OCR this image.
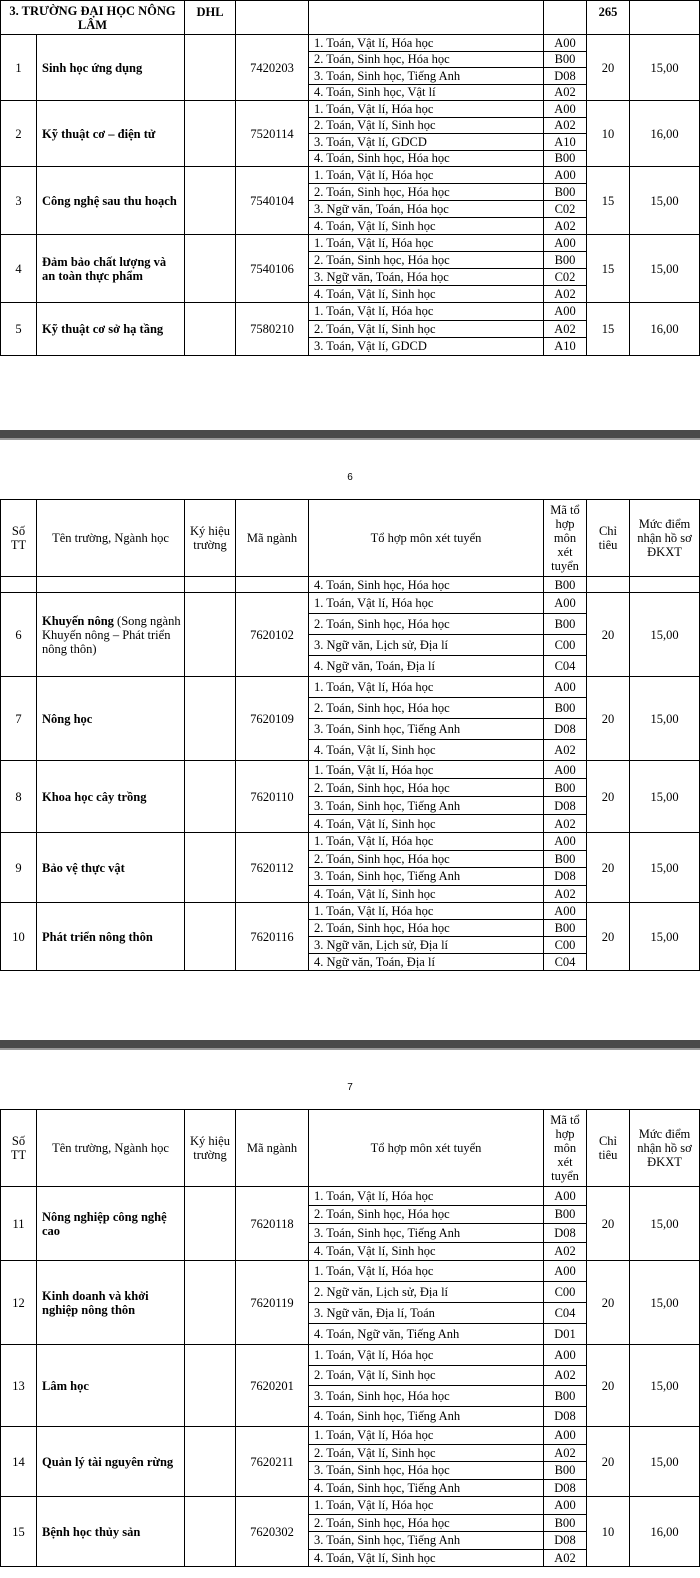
3. TRƯỜNG ĐẠI HỌC NÔNG LÂM		DHL				265	
1	Sinh học ứng dụng		7420203	1. Toán, Vật lí, Hóa học	A00	20	15,00
				2. Toán, Sinh học, Hóa học	B00		
				3. Toán, Sinh học, Tiếng Anh	D08		
				4. Toán, Sinh học, Vật lí	A02		
2	Kỹ thuật cơ – điện tử		7520114	1. Toán, Vật lí, Hóa học	A00	10	16,00
				2. Toán, Vật lí, Sinh học	A02		
				3. Toán, Vật lí, GDCD	A10		
				4. Toán, Sinh học, Hóa học	B00		
3	Công nghệ sau thu hoạch		7540104	1. Toán, Vật lí, Hóa học	A00	15	15,00
				2. Toán, Sinh học, Hóa học	B00		
				3. Ngữ văn, Toán, Hóa học	C02		
				4. Toán, Vật lí, Sinh học	A02		
4	Đảm bảo chất lượng và an toàn thực phẩm		7540106	1. Toán, Vật lí, Hóa học	A00	15	15,00
				2. Toán, Sinh học, Hóa học	B00		
				3. Ngữ văn, Toán, Hóa học	C02		
				4. Toán, Vật lí, Sinh học	A02		
5	Kỹ thuật cơ sở hạ tầng		7580210	1. Toán, Vật lí, Hóa học	A00	15	16,00
				2. Toán, Vật lí, Sinh học	A02		
				3. Toán, Vật lí, GDCD	A10		
6
Số TT	Tên trường, Ngành học	Ký hiệu trường	Mã ngành	Tổ hợp môn xét tuyển	Mã tổ hợp môn xét tuyển	Chỉ tiêu	Mức điểm nhận hồ sơ ĐKXT
				4. Toán, Sinh học, Hóa học	B00		
6	Khuyến nông (Song ngành Khuyến nông – Phát triển nông thôn)		7620102	1. Toán, Vật lí, Hóa học	A00	20	15,00
				2. Toán, Sinh học, Hóa học	B00		
				3. Ngữ văn, Lịch sử, Địa lí	C00		
				4. Ngữ văn, Toán, Địa lí	C04		
7	Nông học		7620109	1. Toán, Vật lí, Hóa học	A00	20	15,00
				2. Toán, Sinh học, Hóa học	B00		
				3. Toán, Sinh học, Tiếng Anh	D08		
				4. Toán, Vật lí, Sinh học	A02		
8	Khoa học cây trồng		7620110	1. Toán, Vật lí, Hóa học	A00	20	15,00
				2. Toán, Sinh học, Hóa học	B00		
				3. Toán, Sinh học, Tiếng Anh	D08		
				4. Toán, Vật lí, Sinh học	A02		
9	Bảo vệ thực vật		7620112	1. Toán, Vật lí, Hóa học	A00	20	15,00
				2. Toán, Sinh học, Hóa học	B00		
				3. Toán, Sinh học, Tiếng Anh	D08		
				4. Toán, Vật lí, Sinh học	A02		
10	Phát triển nông thôn		7620116	1. Toán, Vật lí, Hóa học	A00	20	15,00
				2. Toán, Sinh học, Hóa học	B00		
				3. Ngữ văn, Lịch sử, Địa lí	C00		
				4. Ngữ văn, Toán, Địa lí	C04		
7
Số TT	Tên trường, Ngành học	Ký hiệu trường	Mã ngành	Tổ hợp môn xét tuyển	Mã tổ hợp môn xét tuyển	Chỉ tiêu	Mức điểm nhận hồ sơ ĐKXT
11	Nông nghiệp công nghệ cao		7620118	1. Toán, Vật lí, Hóa học	A00	20	15,00
				2. Toán, Sinh học, Hóa học	B00		
				3. Toán, Sinh học, Tiếng Anh	D08		
				4. Toán, Vật lí, Sinh học	A02		
12	Kinh doanh và khởi nghiệp nông thôn		7620119	1. Toán, Vật lí, Hóa học	A00	20	15,00
				2. Ngữ văn, Lịch sử, Địa lí	C00		
				3. Ngữ văn, Địa lí, Toán	C04		
				4. Toán, Ngữ văn, Tiếng Anh	D01		
13	Lâm học		7620201	1. Toán, Vật lí, Hóa học	A00	20	15,00
				2. Toán, Vật lí, Sinh học	A02		
				3. Toán, Sinh học, Hóa học	B00		
				4. Toán, Sinh học, Tiếng Anh	D08		
14	Quản lý tài nguyên rừng		7620211	1. Toán, Vật lí, Hóa học	A00	20	15,00
				2. Toán, Vật lí, Sinh học	A02		
				3. Toán, Sinh học, Hóa học	B00		
				4. Toán, Sinh học, Tiếng Anh	D08		
15	Bệnh học thủy sản		7620302	1. Toán, Vật lí, Hóa học	A00	10	16,00
				2. Toán, Sinh học, Hóa học	B00		
				3. Toán, Sinh học, Tiếng Anh	D08		
				4. Toán, Vật lí, Sinh học	A02		
